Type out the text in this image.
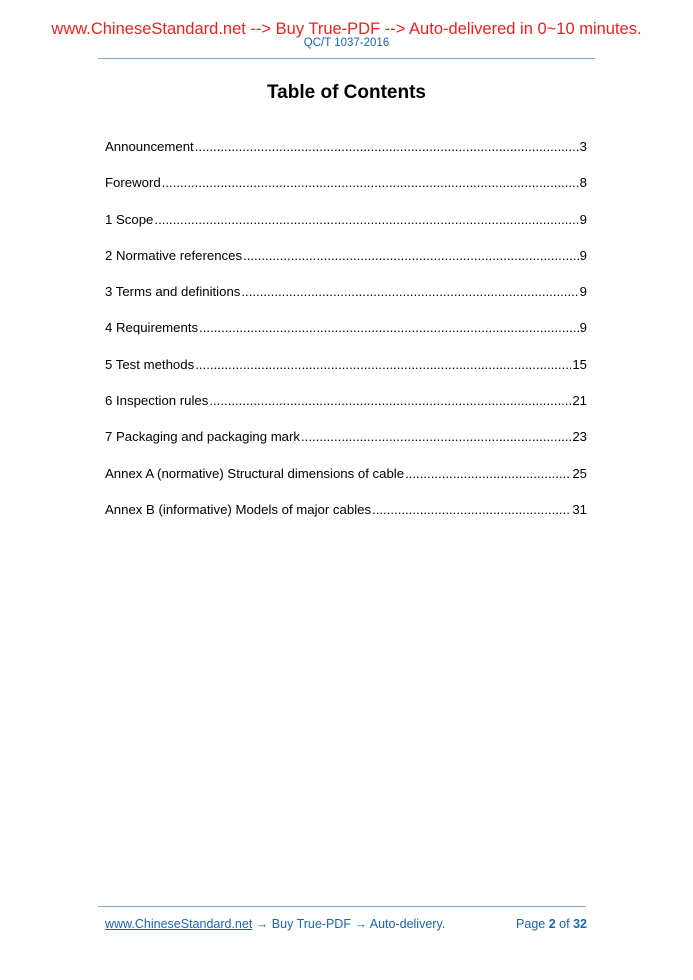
www.ChineseStandard.net --> Buy True-PDF --> Auto-delivered in 0~10 minutes.
QC/T 1037-2016
Table of Contents
Announcement .....	3
Foreword .....	8
1 Scope .....	9
2 Normative references .....	9
3 Terms and definitions .....	9
4 Requirements .....	9
5 Test methods .....	15
6 Inspection rules .....	21
7 Packaging and packaging mark .....	23
Annex A (normative) Structural dimensions of cable .....	25
Annex B (informative) Models of major cables .....	31
www.ChineseStandard.net → Buy True-PDF → Auto-delivery.	Page 2 of 32
